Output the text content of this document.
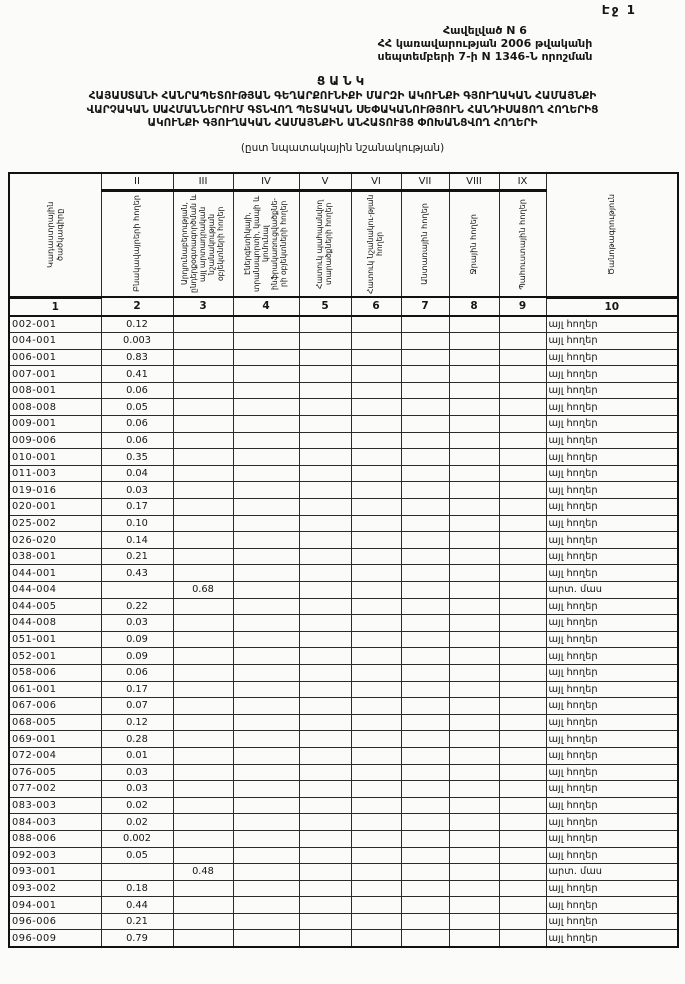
Էջ 1
Հավելված N 6
ՀՀ կառավարության 2006 թվականի
սեպտեմբերի 7-ի N 1346-Ն որոշման
ՑԱՆԿ
ՀԱՅԱՍՏԱՆԻ ՀԱՆՐԱՊԵՏՈՒԹՅԱՆ ԳԵՂԱՐՔՈՒՆԻՔԻ ՄԱՐԶԻ ԱԿՈՒՆՔԻ ԳՅՈՒՂԱԿԱՆ ՀԱՄԱՅՆՔԻ
ՎԱՐՉԱԿԱՆ ՍԱՀՄԱՆՆԵՐՈՒՄ ԳՏՆՎՈՂ ՊԵՏԱԿԱՆ ՍԵՓԱԿԱՆՈՒԹՅՈՒՆ ՀԱՆԴԻՍԱՑՈՂ ՀՈՂԵՐԻՑ
ԱԿՈՒՆՔԻ ԳՅՈՒՂԱԿԱՆ ՀԱՄԱՅՆՔԻՆ ԱՆՀԱՏՈՒՅՑ ՓՈԽԱՆՑՎՈՂ ՀՈՂԵՐԻ
(ըստ նպատակային նշանակության)
Կադաստրային ծածկագիրը	II	III	IV	V	VI	VII	VIII	IX	Ծանոթագրություն

	Բնակավայրերի հողեր	Արդյունաբերության, ընդերքօգտագործման և այլ արտադրական նշանակության օբյեկտների հողեր	Էներգետիկայի, տրանսպորտի, կապի և կոմունալ ինֆրակառուցվածքնե-րի օբյեկտների հողեր	Հատուկ պահպանվող տարածքների հողեր	Հատուկ նշանակու-թյան հողեր	Անտառային հողեր	Ջրային հողեր	Պահուստային հողեր	

1	2	3	4	5	6	7	8	9	10
002-001	0.12								այլ հողեր
004-001	0.003								այլ հողեր
006-001	0.83								այլ հողեր
007-001	0.41								այլ հողեր
008-001	0.06								այլ հողեր
008-008	0.05								այլ հողեր
009-001	0.06								այլ հողեր
009-006	0.06								այլ հողեր
010-001	0.35								այլ հողեր
011-003	0.04								այլ հողեր
019-016	0.03								այլ հողեր
020-001	0.17								այլ հողեր
025-002	0.10								այլ հողեր
026-020	0.14								այլ հողեր
038-001	0.21								այլ հողեր
044-001	0.43								այլ հողեր
044-004		0.68							արտ. մաս
044-005	0.22								այլ հողեր
044-008	0.03								այլ հողեր
051-001	0.09								այլ հողեր
052-001	0.09								այլ հողեր
058-006	0.06								այլ հողեր
061-001	0.17								այլ հողեր
067-006	0.07								այլ հողեր
068-005	0.12								այլ հողեր
069-001	0.28								այլ հողեր
072-004	0.01								այլ հողեր
076-005	0.03								այլ հողեր
077-002	0.03								այլ հողեր
083-003	0.02								այլ հողեր
084-003	0.02								այլ հողեր
088-006	0.002								այլ հողեր
092-003	0.05								այլ հողեր
093-001		0.48							արտ. մաս
093-002	0.18								այլ հողեր
094-001	0.44								այլ հողեր
096-006	0.21								այլ հողեր
096-009	0.79								այլ հողեր
